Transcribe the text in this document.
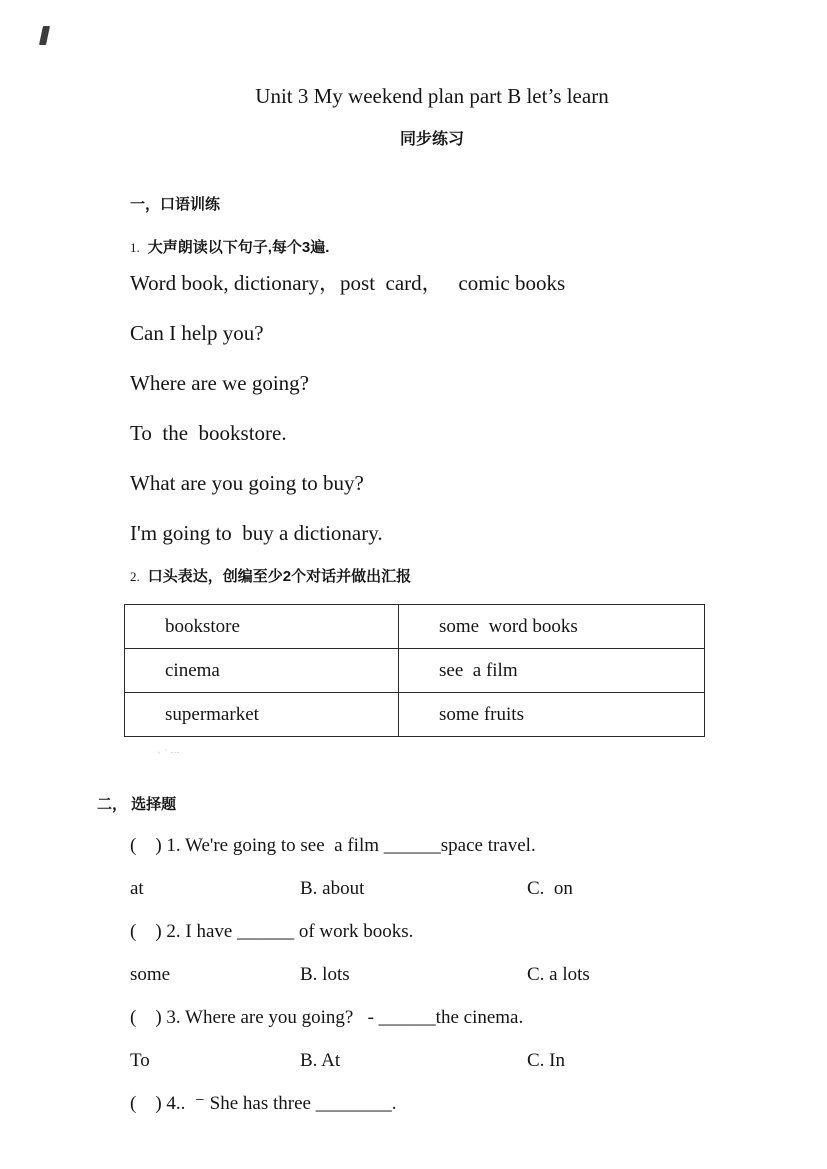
Unit 3 My weekend plan part B let’s learn
同步练习
一，口语训练
1. 大声朗读以下句子,每个3遍.
Word book, dictionary，post  card，   comic books
Can I help you?
Where are we going?
To  the  bookstore.
What are you going to buy?
I'm going to  buy a dictionary.
2. 口头表达，创编至少2个对话并做出汇报
bookstore	some  word books
cinema	see  a film
supermarket	some fruits
、·…
二， 选择题
(    ) 1. We're going to see  a film ______space travel.
at	B. about	C.  on
(    ) 2. I have ______ of work books.
some	B. lots	C. a lots
(    ) 3. Where are you going?   - ______the cinema.
To	B. At	C. In
(    ) 4..  ⁻ She has three ________.
